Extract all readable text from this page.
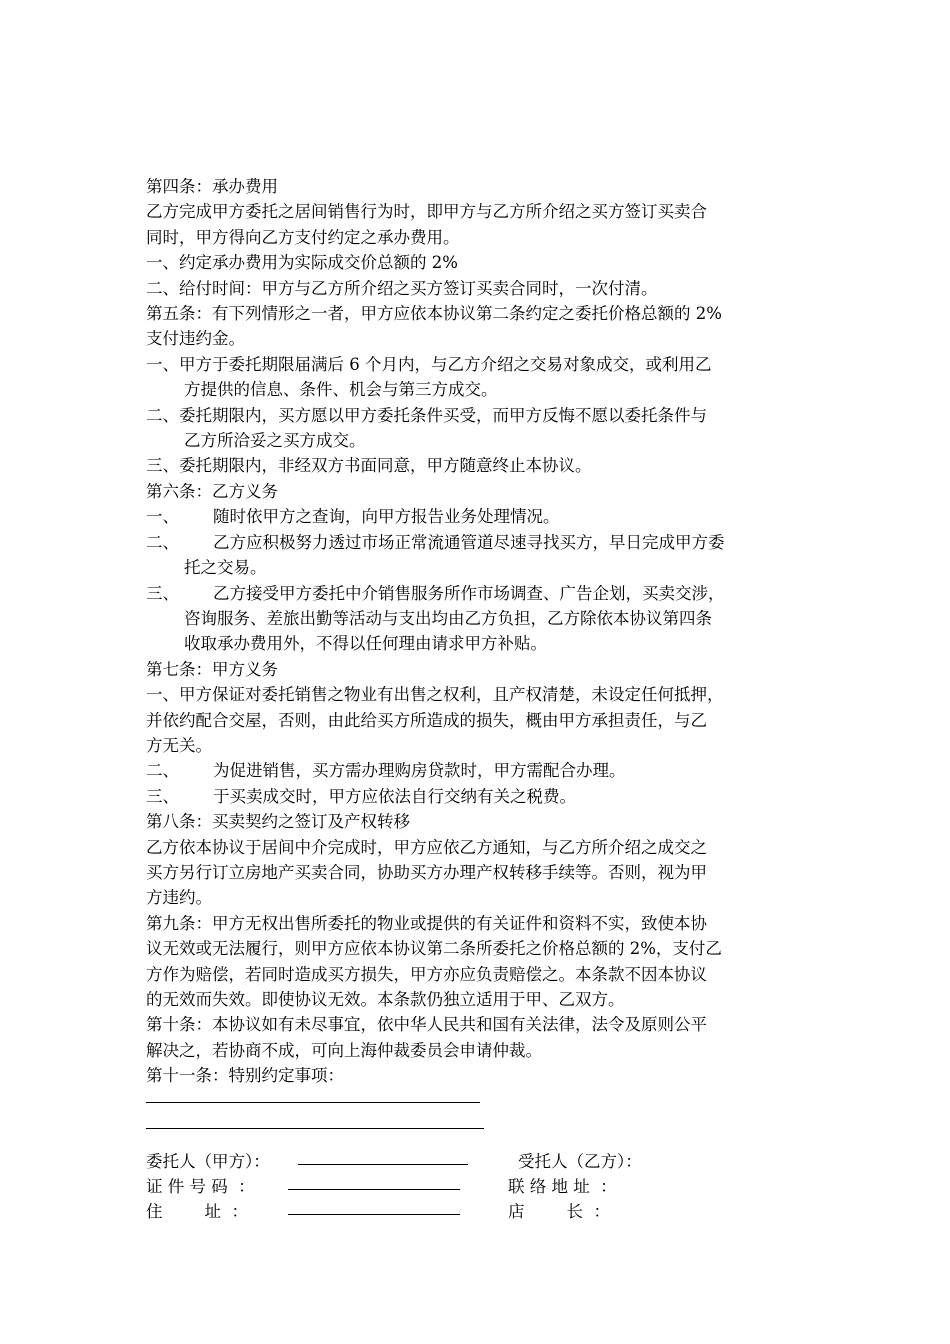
第四条：承办费用

乙方完成甲方委托之居间销售行为时，即甲方与乙方所介绍之买方签订买卖合

同时，甲方得向乙方支付约定之承办费用。

一、约定承办费用为实际成交价总额的 2%

二、给付时间：甲方与乙方所介绍之买方签订买卖合同时，一次付清。

第五条：有下列情形之一者，甲方应依本协议第二条约定之委托价格总额的 2%

支付违约金。

一、甲方于委托期限届满后 6 个月内，与乙方介绍之交易对象成交，或利用乙
方提供的信息、条件、机会与第三方成交。

二、委托期限内，买方愿以甲方委托条件买受，而甲方反悔不愿以委托条件与
乙方所洽妥之买方成交。

三、委托期限内，非经双方书面同意，甲方随意终止本协议。

第六条：乙方义务

一、 随时依甲方之查询，向甲方报告业务处理情况。

二、 乙方应积极努力透过市场正常流通管道尽速寻找买方，早日完成甲方委
托之交易。

三、 乙方接受甲方委托中介销售服务所作市场调查、广告企划，买卖交涉，
咨询服务、差旅出勤等活动与支出均由乙方负担，乙方除依本协议第四条
收取承办费用外，不得以任何理由请求甲方补贴。

第七条：甲方义务

一、甲方保证对委托销售之物业有出售之权利，且产权清楚，未设定任何抵押，
并依约配合交屋，否则，由此给买方所造成的损失，概由甲方承担责任，与乙
方无关。

二、 为促进销售，买方需办理购房贷款时，甲方需配合办理。

三、 于买卖成交时，甲方应依法自行交纳有关之税费。

第八条：买卖契约之签订及产权转移

乙方依本协议于居间中介完成时，甲方应依乙方通知，与乙方所介绍之成交之
买方另行订立房地产买卖合同，协助买方办理产权转移手续等。否则，视为甲
方违约。

第九条：甲方无权出售所委托的物业或提供的有关证件和资料不实，致使本协
议无效或无法履行，则甲方应依本协议第二条所委托之价格总额的 2%，支付乙
方作为赔偿，若同时造成买方损失，甲方亦应负责赔偿之。本条款不因本协议
的无效而失效。即使协议无效。本条款仍独立适用于甲、乙双方。

第十条：本协议如有未尽事宜，依中华人民共和国有关法律，法令及原则公平
解决之，若协商不成，可向上海仲裁委员会申请仲裁。

第十一条：特别约定事项：

委托人（甲方）：	受托人（乙方）：
证 件 号 码  ：	联 络 地 址  ：
住        址  ：	店        长  ：
